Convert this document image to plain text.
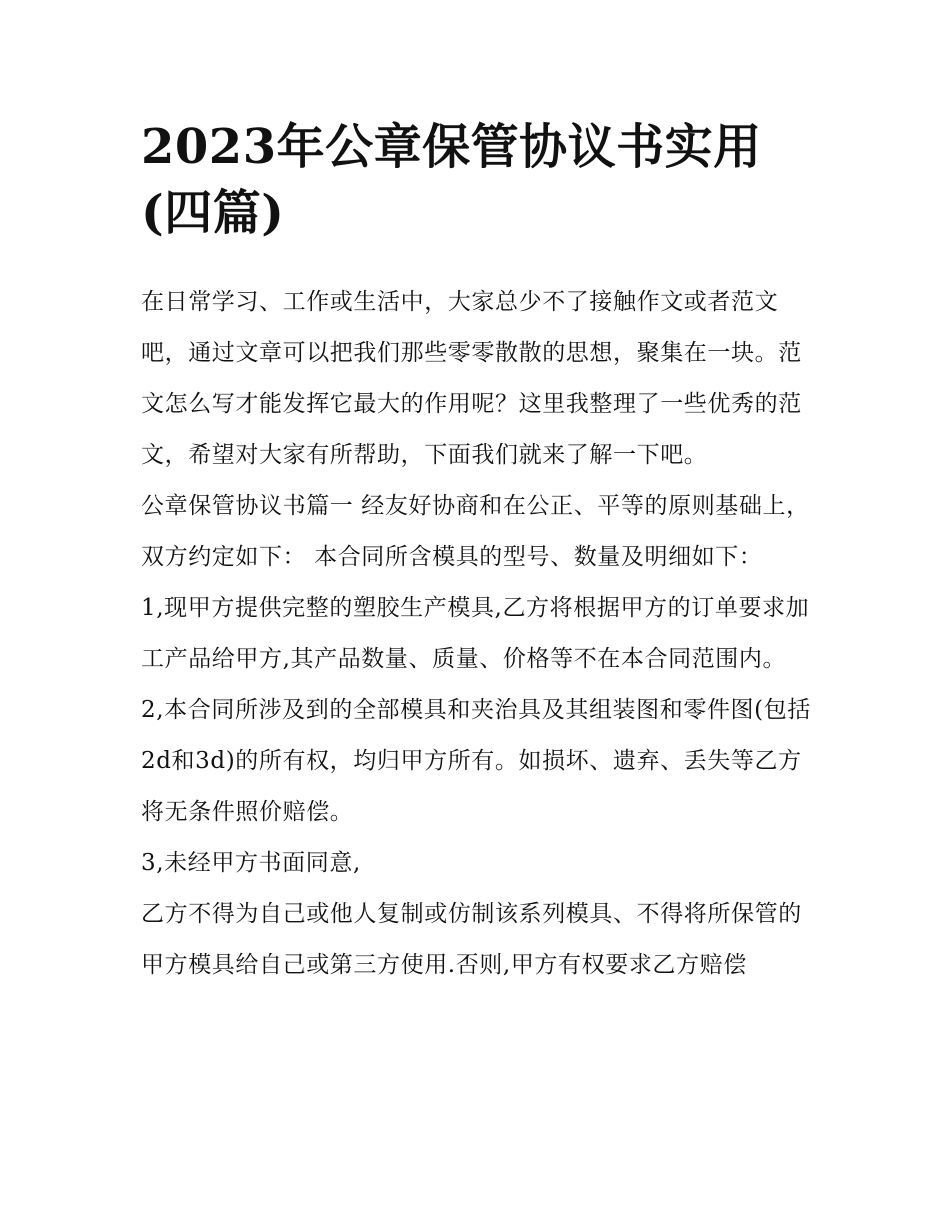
2023年公章保管协议书实用(四篇)

在日常学习、工作或生活中，大家总少不了接触作文或者范文吧，通过文章可以把我们那些零零散散的思想，聚集在一块。范文怎么写才能发挥它最大的作用呢？这里我整理了一些优秀的范文，希望对大家有所帮助，下面我们就来了解一下吧。

公章保管协议书篇一 经友好协商和在公正、平等的原则基础上，双方约定如下： 本合同所含模具的型号、数量及明细如下：

1,现甲方提供完整的塑胶生产模具,乙方将根据甲方的订单要求加工产品给甲方,其产品数量、质量、价格等不在本合同范围内。

2,本合同所涉及到的全部模具和夹治具及其组装图和零件图(包括2d和3d)的所有权，均归甲方所有。如损坏、遗弃、丢失等乙方将无条件照价赔偿。

3,未经甲方书面同意,

乙方不得为自己或他人复制或仿制该系列模具、不得将所保管的甲方模具给自己或第三方使用.否则,甲方有权要求乙方赔偿
